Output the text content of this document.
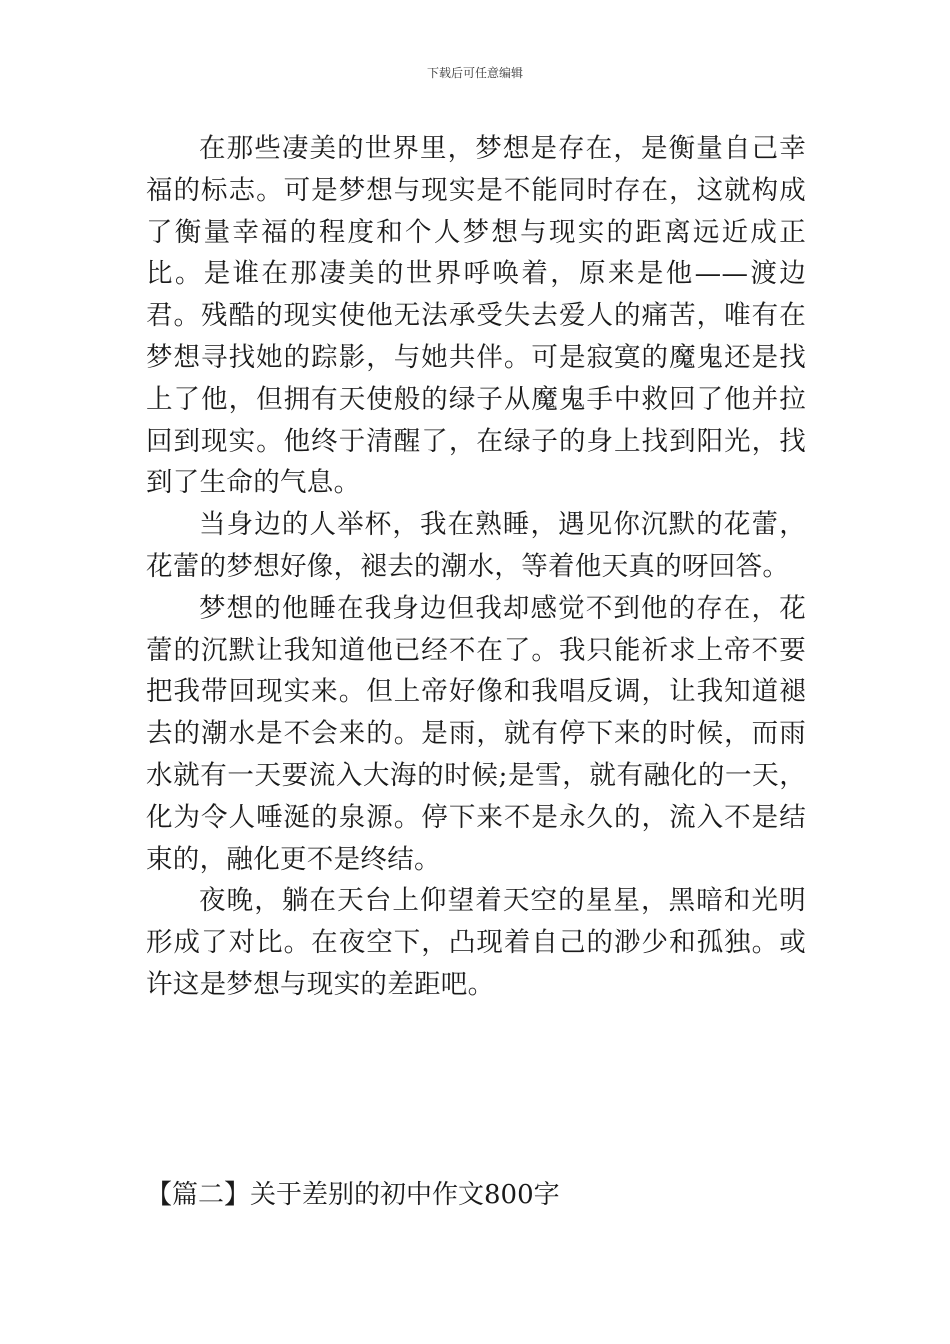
下载后可任意编辑

在那些凄美的世界里，梦想是存在，是衡量自己幸福的标志。可是梦想与现实是不能同时存在，这就构成了衡量幸福的程度和个人梦想与现实的距离远近成正比。是谁在那凄美的世界呼唤着，原来是他——渡边君。残酷的现实使他无法承受失去爱人的痛苦，唯有在梦想寻找她的踪影，与她共伴。可是寂寞的魔鬼还是找上了他，但拥有天使般的绿子从魔鬼手中救回了他并拉回到现实。他终于清醒了，在绿子的身上找到阳光，找到了生命的气息。

当身边的人举杯，我在熟睡，遇见你沉默的花蕾，花蕾的梦想好像，褪去的潮水，等着他天真的呀回答。

梦想的他睡在我身边但我却感觉不到他的存在，花蕾的沉默让我知道他已经不在了。我只能祈求上帝不要把我带回现实来。但上帝好像和我唱反调，让我知道褪去的潮水是不会来的。是雨，就有停下来的时候，而雨水就有一天要流入大海的时候;是雪，就有融化的一天，化为令人唾涎的泉源。停下来不是永久的，流入不是结束的，融化更不是终结。

夜晚，躺在天台上仰望着天空的星星，黑暗和光明形成了对比。在夜空下，凸现着自己的渺少和孤独。或许这是梦想与现实的差距吧。

【篇二】关于差别的初中作文800字
